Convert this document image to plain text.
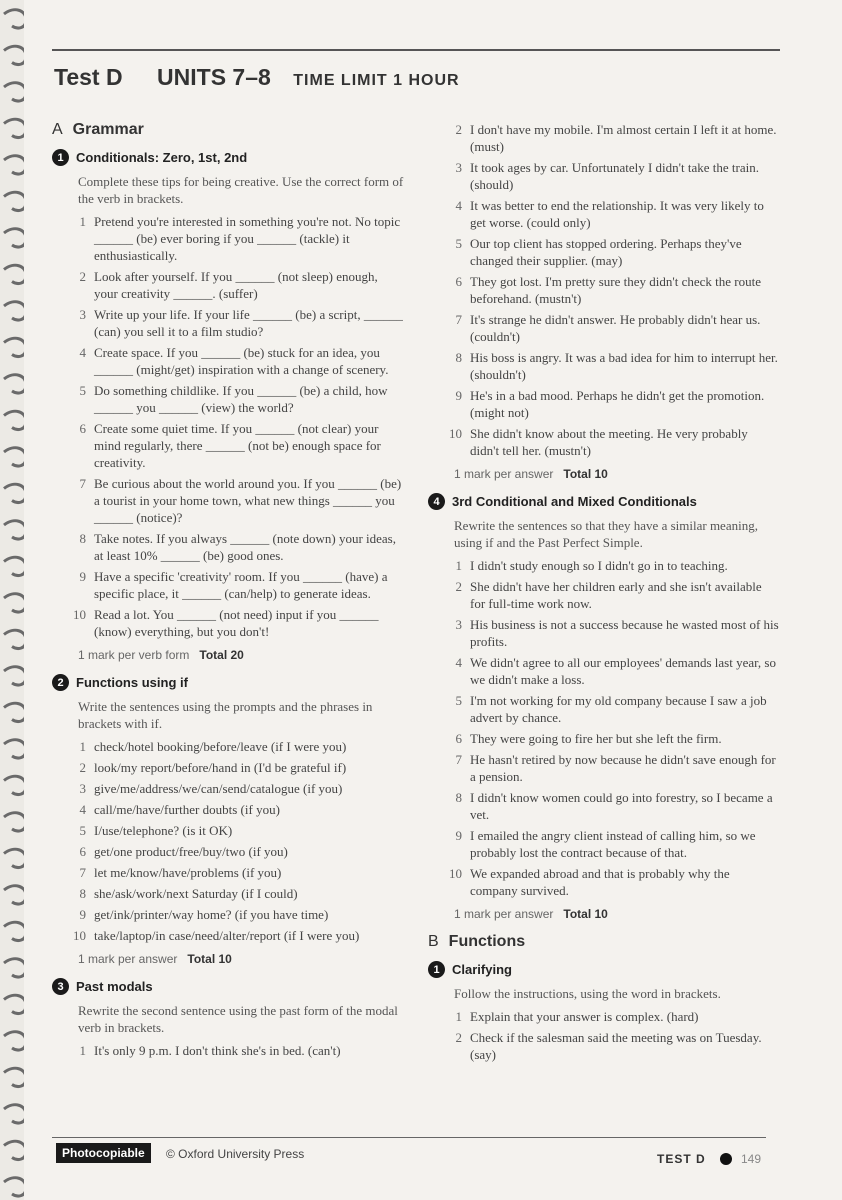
Test D UNITS 7–8 TIME LIMIT 1 HOUR
A Grammar
1 Conditionals: Zero, 1st, 2nd
Complete these tips for being creative. Use the correct form of the verb in brackets.
1 Pretend you're interested in something you're not. No topic ______ (be) ever boring if you ______ (tackle) it enthusiastically.
2 Look after yourself. If you ______ (not sleep) enough, your creativity ______. (suffer)
3 Write up your life. If your life ______ (be) a script, ______ (can) you sell it to a film studio?
4 Create space. If you ______ (be) stuck for an idea, you ______ (might/get) inspiration with a change of scenery.
5 Do something childlike. If you ______ (be) a child, how ______ you ______ (view) the world?
6 Create some quiet time. If you ______ (not clear) your mind regularly, there ______ (not be) enough space for creativity.
7 Be curious about the world around you. If you ______ (be) a tourist in your home town, what new things ______ you ______ (notice)?
8 Take notes. If you always ______ (note down) your ideas, at least 10% ______ (be) good ones.
9 Have a specific 'creativity' room. If you ______ (have) a specific place, it ______ (can/help) to generate ideas.
10 Read a lot. You ______ (not need) input if you ______ (know) everything, but you don't!
1 mark per verb form Total 20
2 Functions using if
Write the sentences using the prompts and the phrases in brackets with if.
1 check/hotel booking/before/leave (if I were you)
2 look/my report/before/hand in (I'd be grateful if)
3 give/me/address/we/can/send/catalogue (if you)
4 call/me/have/further doubts (if you)
5 I/use/telephone? (is it OK)
6 get/one product/free/buy/two (if you)
7 let me/know/have/problems (if you)
8 she/ask/work/next Saturday (if I could)
9 get/ink/printer/way home? (if you have time)
10 take/laptop/in case/need/alter/report (if I were you)
1 mark per answer Total 10
3 Past modals
Rewrite the second sentence using the past form of the modal verb in brackets.
1 It's only 9 p.m. I don't think she's in bed. (can't)
2 I don't have my mobile. I'm almost certain I left it at home. (must)
3 It took ages by car. Unfortunately I didn't take the train. (should)
4 It was better to end the relationship. It was very likely to get worse. (could only)
5 Our top client has stopped ordering. Perhaps they've changed their supplier. (may)
6 They got lost. I'm pretty sure they didn't check the route beforehand. (mustn't)
7 It's strange he didn't answer. He probably didn't hear us. (couldn't)
8 His boss is angry. It was a bad idea for him to interrupt her. (shouldn't)
9 He's in a bad mood. Perhaps he didn't get the promotion. (might not)
10 She didn't know about the meeting. He very probably didn't tell her. (mustn't)
1 mark per answer Total 10
4 3rd Conditional and Mixed Conditionals
Rewrite the sentences so that they have a similar meaning, using if and the Past Perfect Simple.
1 I didn't study enough so I didn't go in to teaching.
2 She didn't have her children early and she isn't available for full-time work now.
3 His business is not a success because he wasted most of his profits.
4 We didn't agree to all our employees' demands last year, so we didn't make a loss.
5 I'm not working for my old company because I saw a job advert by chance.
6 They were going to fire her but she left the firm.
7 He hasn't retired by now because he didn't save enough for a pension.
8 I didn't know women could go into forestry, so I became a vet.
9 I emailed the angry client instead of calling him, so we probably lost the contract because of that.
10 We expanded abroad and that is probably why the company survived.
1 mark per answer Total 10
B Functions
1 Clarifying
Follow the instructions, using the word in brackets.
1 Explain that your answer is complex. (hard)
2 Check if the salesman said the meeting was on Tuesday. (say)
Photocopiable	© Oxford University Press	TEST D	149
